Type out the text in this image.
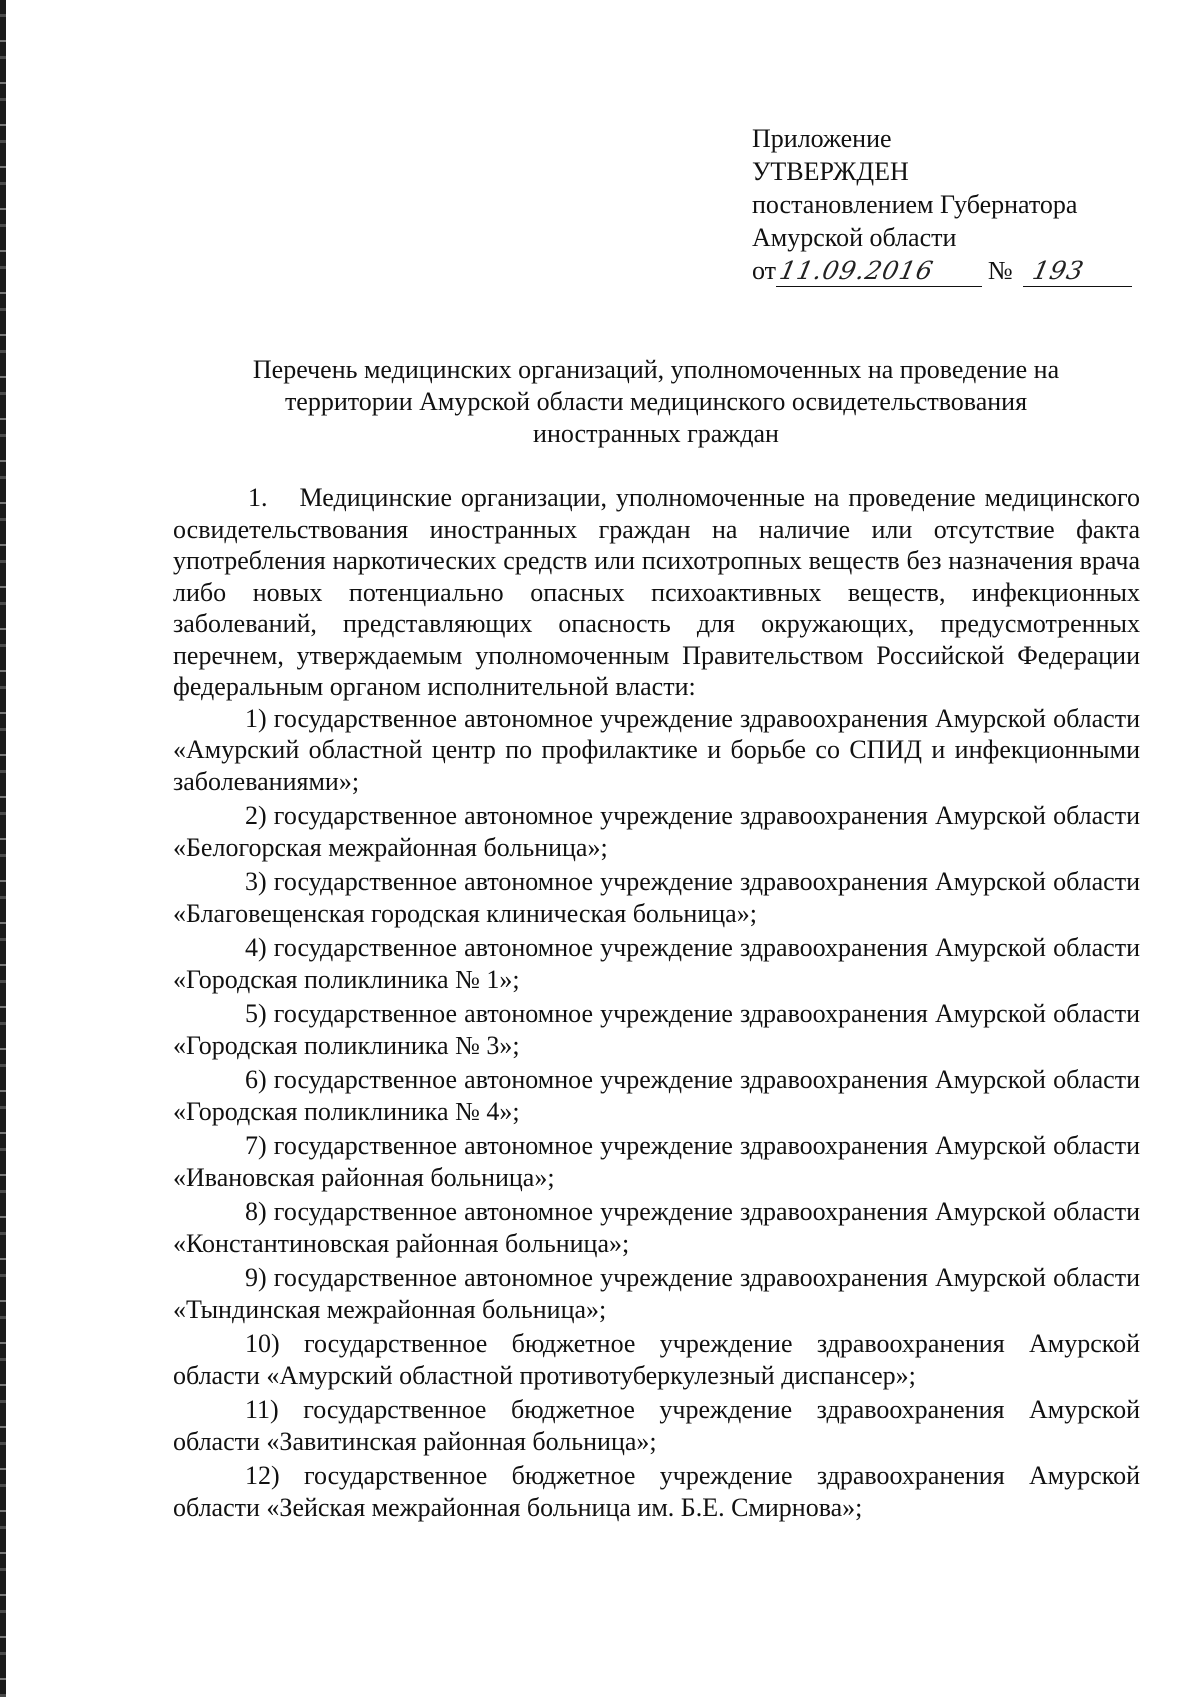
Приложение
УТВЕРЖДЕН
постановлением Губернатора
Амурской области
от 11.09.2016 № 193
Перечень медицинских организаций, уполномоченных на проведение на
территории Амурской области медицинского освидетельствования
иностранных граждан

1. Медицинские организации, уполномоченные на проведение медицинского освидетельствования иностранных граждан на наличие или отсутствие факта употребления наркотических средств или психотропных веществ без назначения врача либо новых потенциально опасных психоактивных веществ, инфекционных заболеваний, представляющих опасность для окружающих, предусмотренных перечнем, утверждаемым уполномоченным Правительством Российской Федерации федеральным органом исполнительной власти:

1) государственное автономное учреждение здравоохранения Амурской области «Амурский областной центр по профилактике и борьбе со СПИД и инфекционными заболеваниями»;

2) государственное автономное учреждение здравоохранения Амурской области «Белогорская межрайонная больница»;

3) государственное автономное учреждение здравоохранения Амурской области «Благовещенская городская клиническая больница»;

4) государственное автономное учреждение здравоохранения Амурской области «Городская поликлиника № 1»;

5) государственное автономное учреждение здравоохранения Амурской области «Городская поликлиника № 3»;

6) государственное автономное учреждение здравоохранения Амурской области «Городская поликлиника № 4»;

7) государственное автономное учреждение здравоохранения Амурской области «Ивановская районная больница»;

8) государственное автономное учреждение здравоохранения Амурской области «Константиновская районная больница»;

9) государственное автономное учреждение здравоохранения Амурской области «Тындинская межрайонная больница»;

10) государственное бюджетное учреждение здравоохранения Амурской области «Амурский областной противотуберкулезный диспансер»;

11) государственное бюджетное учреждение здравоохранения Амурской области «Завитинская районная больница»;

12) государственное бюджетное учреждение здравоохранения Амурской области «Зейская межрайонная больница им. Б.Е. Смирнова»;
